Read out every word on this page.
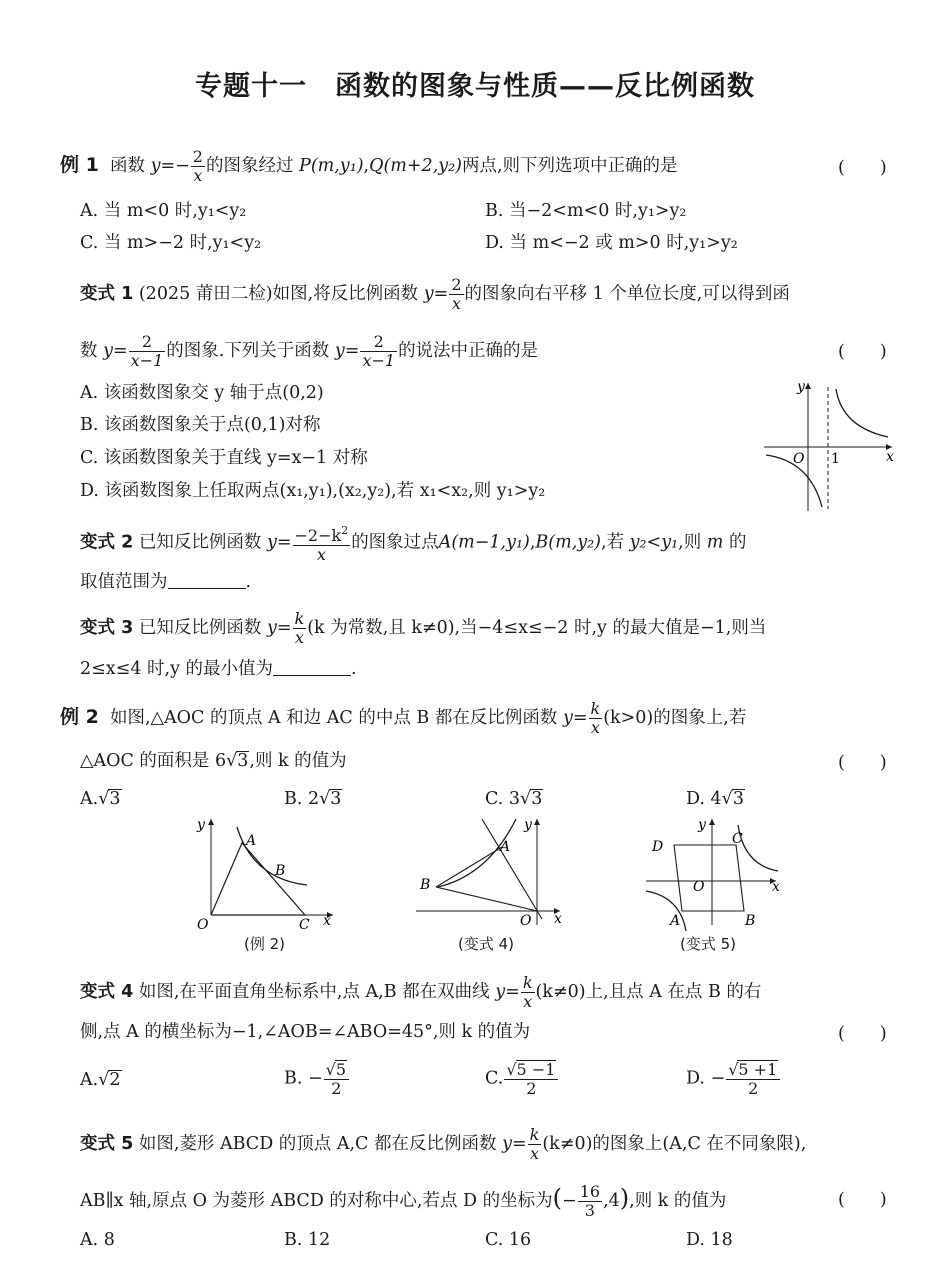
专题十一　函数的图象与性质——反比例函数
例 1 函数 $y=- \frac{2}{x}$ 的图象经过 P(m,y₁),Q(m+2,y₂)两点,则下列选项中正确的是	(　　)
A. 当 m<0 时,y₁<y₂	B. 当−2<m<0 时,y₁>y₂
C. 当 m>−2 时,y₁<y₂	D. 当 m<−2 或 m>0 时,y₁>y₂
变式 1 (2025 莆田二检)如图,将反比例函数 $y= \frac{2}{x}$ 的图象向右平移 1 个单位长度,可以得到函
数 $y= \frac{2}{x-1}$ 的图象.下列关于函数 $y= \frac{2}{x-1}$ 的说法中正确的是	(　　)
A. 该函数图象交 y 轴于点(0,2)
B. 该函数图象关于点(0,1)对称
C. 该函数图象关于直线 y=x−1 对称
D. 该函数图象上任取两点(x₁,y₁),(x₂,y₂),若 x₁<x₂,则 y₁>y₂
y
x
O 1
变式 2 已知反比例函数 $y= \frac{-2-k^2}{x}$ 的图象过点A(m−1,y₁),B(m,y₂),若 y₂<y₁,则 m 的
取值范围为	.
变式 3 已知反比例函数 $y= \frac{k}{x} (k$ 为常数,且 k≠0),当−4≤x≤−2 时,y 的最大值是−1,则当
2≤x≤4 时,y 的最小值为	.
例 2 如图,△AOC 的顶点 A 和边 AC 的中点 B 都在反比例函数 $y= \frac{k}{x} (k>0)$的图象上,若
△AOC 的面积是 6√3,则 k 的值为	(　　)
A.√3	B. 2√3	C. 3√3	D. 4√3
y
O
A
B
C x
(例 2)
y
B
A
O x
(变式 4)
y
D	C
O
A	B
x
(变式 5)
变式 4 如图,在平面直角坐标系中,点 A,B 都在双曲线 $y= \frac{k}{x} (k\ne 0)$上,且点 A 在点 B 的右
侧,点 A 的横坐标为−1,∠AOB=∠ABO=45°,则 k 的值为	(　　)
A.√2	B. − $\frac{√5}{2}$	C. $\frac{√5 -1}{2}$	D. − $\frac{√5 +1}{2}$
变式 5 如图,菱形 ABCD 的顶点 A,C 都在反比例函数 $y= \frac{k}{x} (k\ne 0)$的图象上(A,C 在不同象限),
AB∥x 轴,原点 O 为菱形 ABCD 的对称中心,若点 D 的坐标为(− $\frac{16}{3} ,4$),则 k 的值为	(　　)
A. 8	B. 12	C. 16	D. 18
